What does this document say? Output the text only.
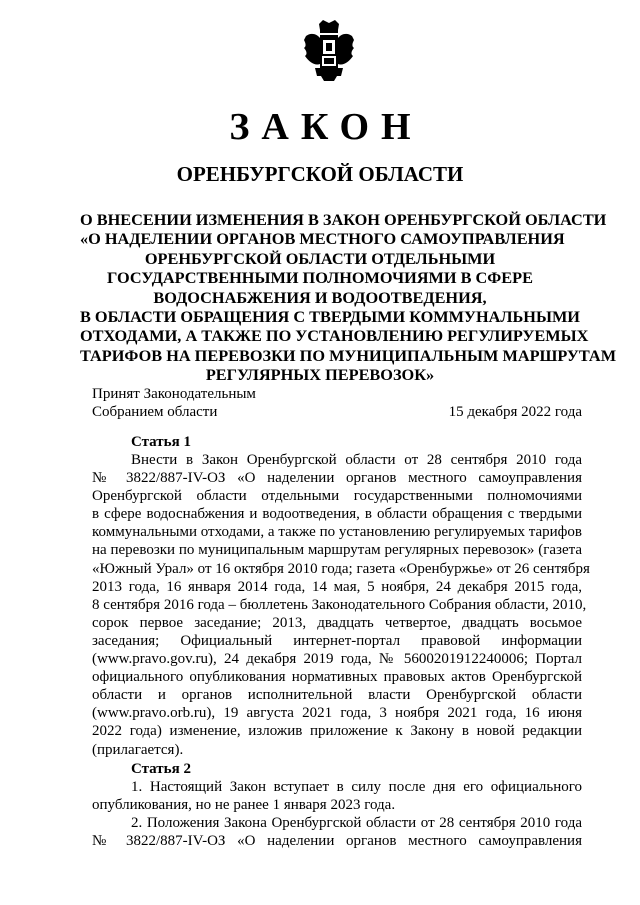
ЗАКОН
ОРЕНБУРГСКОЙ ОБЛАСТИ
О ВНЕСЕНИИ ИЗМЕНЕНИЯ В ЗАКОН ОРЕНБУРГСКОЙ ОБЛАСТИ
«О НАДЕЛЕНИИ ОРГАНОВ МЕСТНОГО САМОУПРАВЛЕНИЯ
ОРЕНБУРГСКОЙ ОБЛАСТИ ОТДЕЛЬНЫМИ
ГОСУДАРСТВЕННЫМИ ПОЛНОМОЧИЯМИ В СФЕРЕ
ВОДОСНАБЖЕНИЯ И ВОДООТВЕДЕНИЯ,
В ОБЛАСТИ ОБРАЩЕНИЯ С ТВЕРДЫМИ КОММУНАЛЬНЫМИ
ОТХОДАМИ, А ТАКЖЕ ПО УСТАНОВЛЕНИЮ РЕГУЛИРУЕМЫХ
ТАРИФОВ НА ПЕРЕВОЗКИ ПО МУНИЦИПАЛЬНЫМ МАРШРУТАМ
РЕГУЛЯРНЫХ ПЕРЕВОЗОК»
Принят Законодательным
Собранием области	15 декабря 2022 года
Статья 1
Внести в Закон Оренбургской области от 28 сентября 2010 года
№ 3822/887-IV-ОЗ «О наделении органов местного самоуправления
Оренбургской области отдельными государственными полномочиями
в сфере водоснабжения и водоотведения, в области обращения с твердыми
коммунальными отходами, а также по установлению регулируемых тарифов
на перевозки по муниципальным маршрутам регулярных перевозок» (газета
«Южный Урал» от 16 октября 2010 года; газета «Оренбуржье» от 26 сентября
2013 года, 16 января 2014 года, 14 мая, 5 ноября, 24 декабря 2015 года,
8 сентября 2016 года – бюллетень Законодательного Собрания области, 2010,
сорок первое заседание; 2013, двадцать четвертое, двадцать восьмое
заседания; Официальный интернет-портал правовой информации
(www.pravo.gov.ru), 24 декабря 2019 года, № 5600201912240006; Портал
официального опубликования нормативных правовых актов Оренбургской
области и органов исполнительной власти Оренбургской области
(www.pravo.orb.ru), 19 августа 2021 года, 3 ноября 2021 года, 16 июня
2022 года) изменение, изложив приложение к Закону в новой редакции
(прилагается).
Статья 2
1. Настоящий Закон вступает в силу после дня его официального
опубликования, но не ранее 1 января 2023 года.
2. Положения Закона Оренбургской области от 28 сентября 2010 года
№ 3822/887-IV-ОЗ «О наделении органов местного самоуправления
